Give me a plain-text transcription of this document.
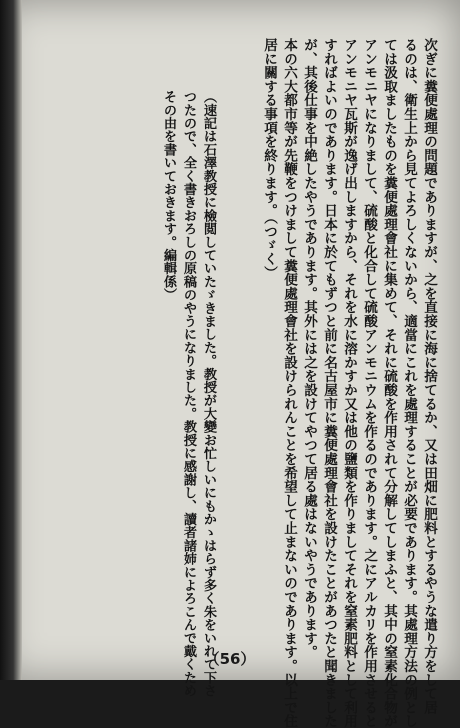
次ぎに糞便處理の問題でありますが、之を直接に海に捨てるか、又は田畑に肥料とするやうな遣り方をして居
るのは、衛生上から見てよろしくないから、適當にこれを處理することが必要であります。其處理方法の例とし
ては汲取ましたものを糞便處理會社に集めて、それに硫酸を作用されて分解してしまふと、其中の窒素化合物が
アンモニヤになりまして、硫酸と化合して硫酸アンモニウムを作るのであります。之にアルカリを作用させると
アンモニヤ瓦斯が逸げ出しますから、それを水に溶かすか又は他の鹽類を作りましてそれを窒素肥料として利用
すればよいのであります。日本に於てもずつと前に名古屋市に糞便處理會社を設けたことがあつたと聞きました
が、其後仕事を中絶したやうであります。其外には之を設けてやつて居る處はないやうであります。
本の六大都市等が先鞭をつけまして糞便處理會社を設けられんことを希望して止まないのであります。以上で住
居に關する事項を終ります。（つゞく）
（速記は石澤教授に檢閲していたゞきました。教授が大變お忙しいにもかゝはらず多く朱をいれて下さ
つたので、全く書きおろしの原稿のやうになりました。教授に感謝し、讀者諸姉によろこんで戴くため
その由を書いておきます。編輯係）
（56）
